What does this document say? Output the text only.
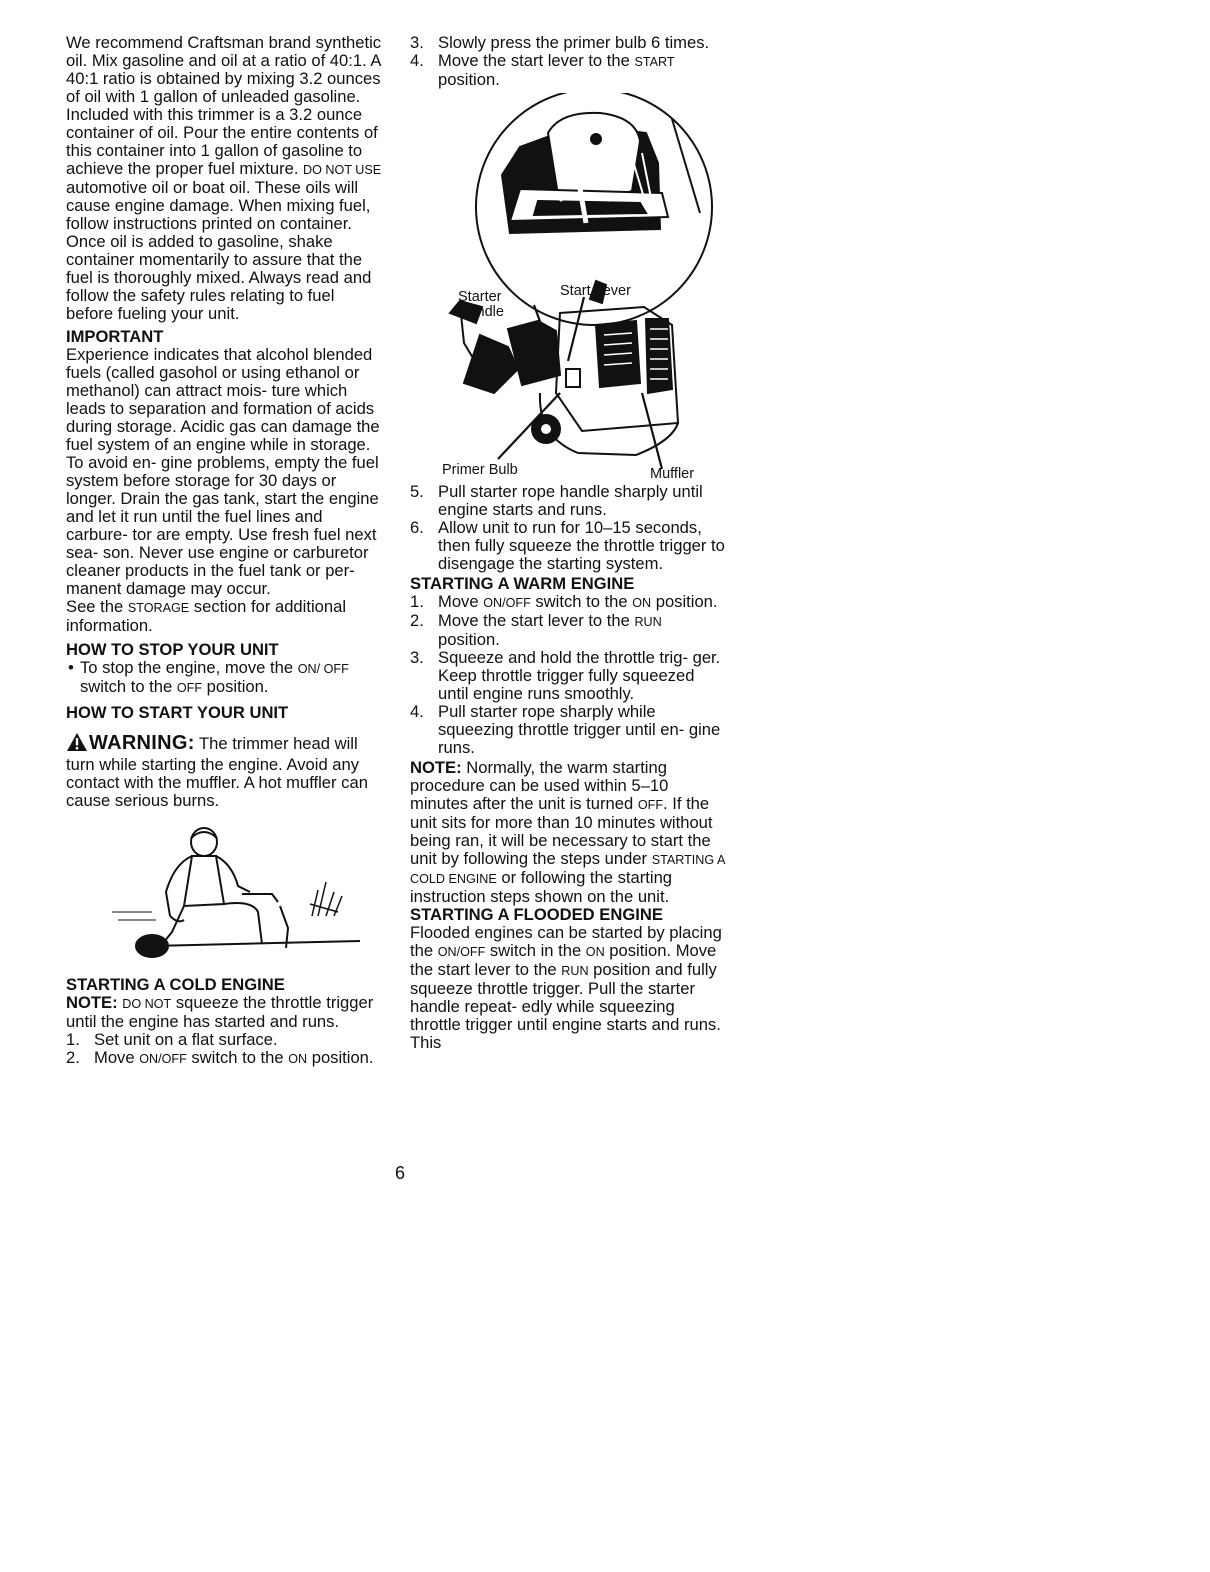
We recommend Craftsman brand synthetic oil. Mix gasoline and oil at a ratio of 40:1. A 40:1 ratio is obtained by mixing 3.2 ounces of oil with 1 gallon of unleaded gasoline. Included with this trimmer is a 3.2 ounce container of oil. Pour the entire contents of this container into 1 gallon of gasoline to achieve the proper fuel mixture. DO NOT USE automotive oil or boat oil. These oils will cause engine damage. When mixing fuel, follow instructions printed on container. Once oil is added to gasoline, shake container momentarily to assure that the fuel is thoroughly mixed. Always read and follow the safety rules relating to fuel before fueling your unit.

IMPORTANT

Experience indicates that alcohol blended fuels (called gasohol or using ethanol or methanol) can attract mois- ture which leads to separation and formation of acids during storage. Acidic gas can damage the fuel system of an engine while in storage. To avoid en- gine problems, empty the fuel system before storage for 30 days or longer. Drain the gas tank, start the engine and let it run until the fuel lines and carbure- tor are empty. Use fresh fuel next sea- son. Never use engine or carburetor cleaner products in the fuel tank or per- manent damage may occur.

See the STORAGE section for additional information.

HOW TO STOP YOUR UNIT
• To stop the engine, move the ON/ OFF switch to the OFF position.
HOW TO START YOUR UNIT

WARNING: The trimmer head will turn while starting the engine. Avoid any contact with the muffler. A hot muffler can cause serious burns.

STARTING A COLD ENGINE

NOTE: DO NOT squeeze the throttle trigger until the engine has started and runs.

1. Set unit on a flat surface.
2. Move ON/OFF switch to the ON position.
3. Slowly press the primer bulb 6 times.
4. Move the start lever to the START position.
Starter Handle
Start Lever
Primer Bulb	Muffler
5. Pull starter rope handle sharply until engine starts and runs.
6. Allow unit to run for 10–15 seconds, then fully squeeze the throttle trigger to disengage the starting system.
STARTING A WARM ENGINE
1. Move ON/OFF switch to the ON position.
2. Move the start lever to the RUN position.
3. Squeeze and hold the throttle trig- ger. Keep throttle trigger fully squeezed until engine runs smoothly.
4. Pull starter rope sharply while squeezing throttle trigger until en- gine runs.

NOTE: Normally, the warm starting procedure can be used within 5–10 minutes after the unit is turned OFF. If the unit sits for more than 10 minutes without being ran, it will be necessary to start the unit by following the steps under STARTING A COLD ENGINE or following the starting instruction steps shown on the unit.

STARTING A FLOODED ENGINE

Flooded engines can be started by placing the ON/OFF switch in the ON position. Move the start lever to the RUN position and fully squeeze throttle trigger. Pull the starter handle repeat- edly while squeezing throttle trigger until engine starts and runs. This

6
